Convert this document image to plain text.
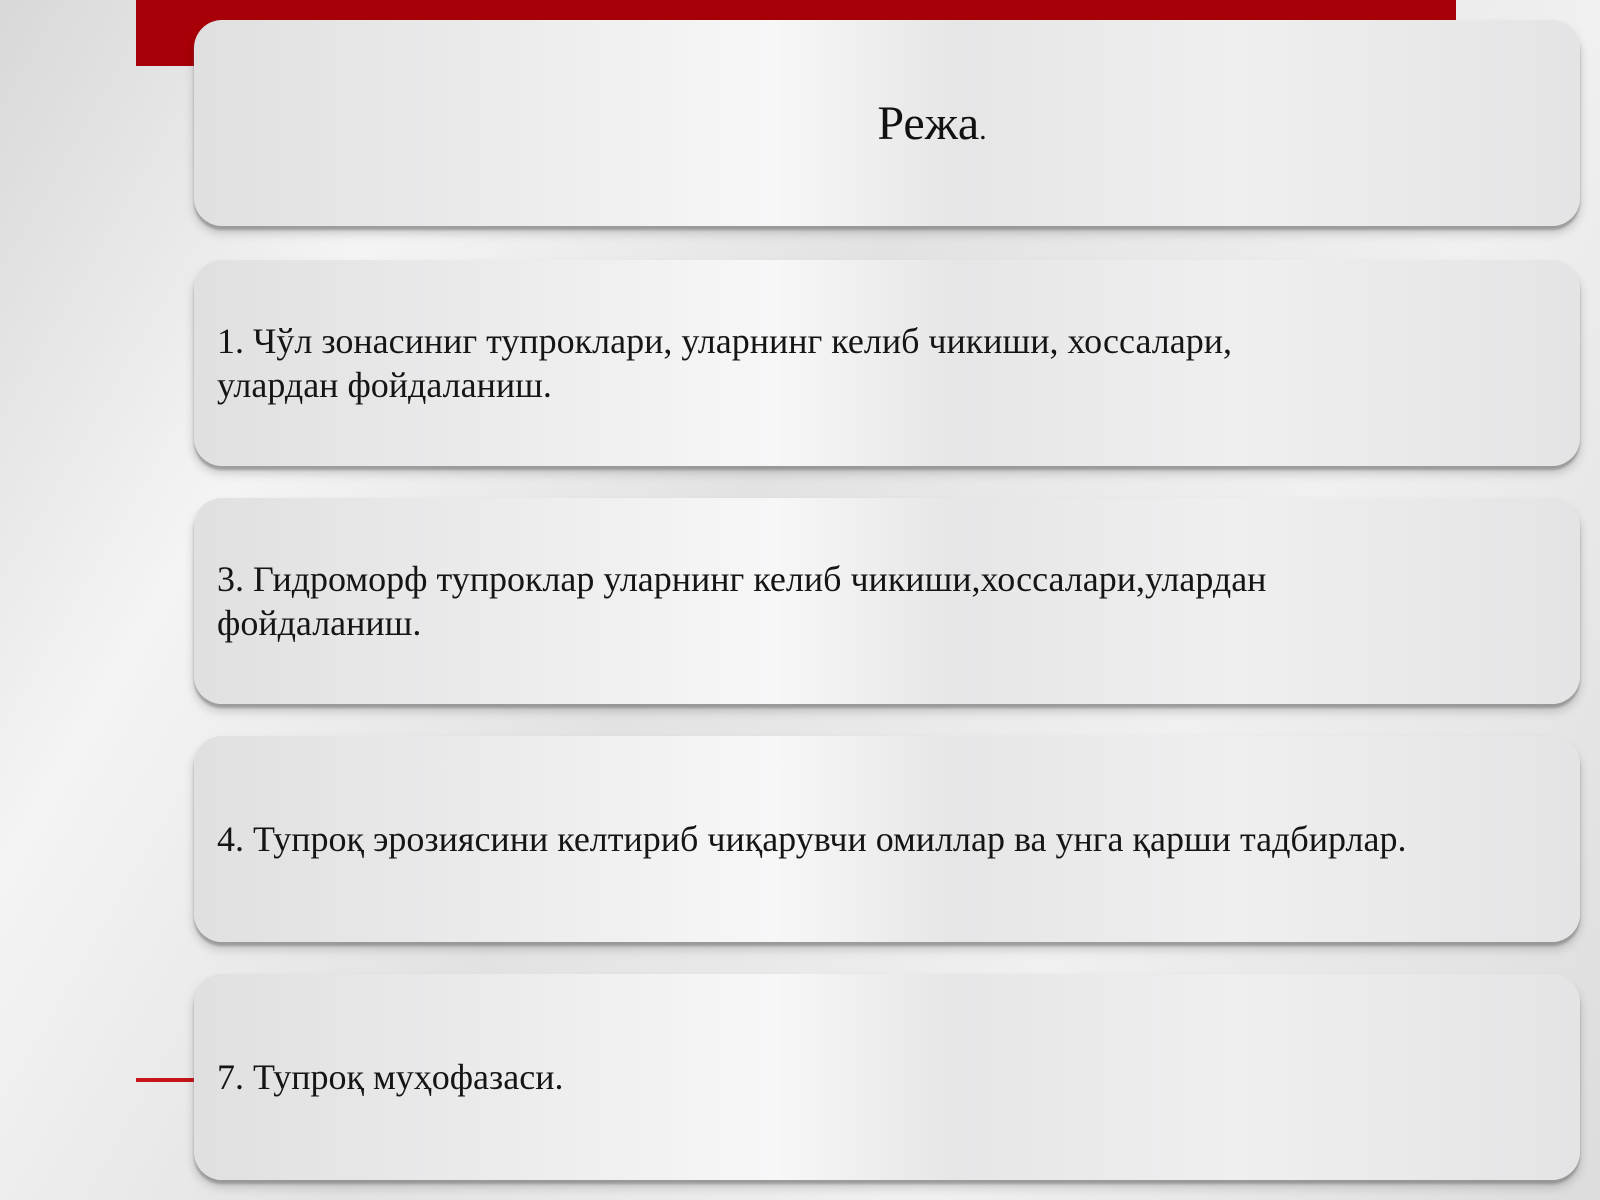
Режа.
1. Чўл зонасиниг тупроклари, уларнинг келиб чикиши, хоссалари,
улардан фойдаланиш.
3. Гидроморф тупроклар уларнинг келиб чикиши,хоссалари,улардан
фойдаланиш.
4. Тупроқ эрозиясини келтириб чиқарувчи омиллар ва унга қарши тадбирлар.
7. Тупроқ муҳофазаси.
